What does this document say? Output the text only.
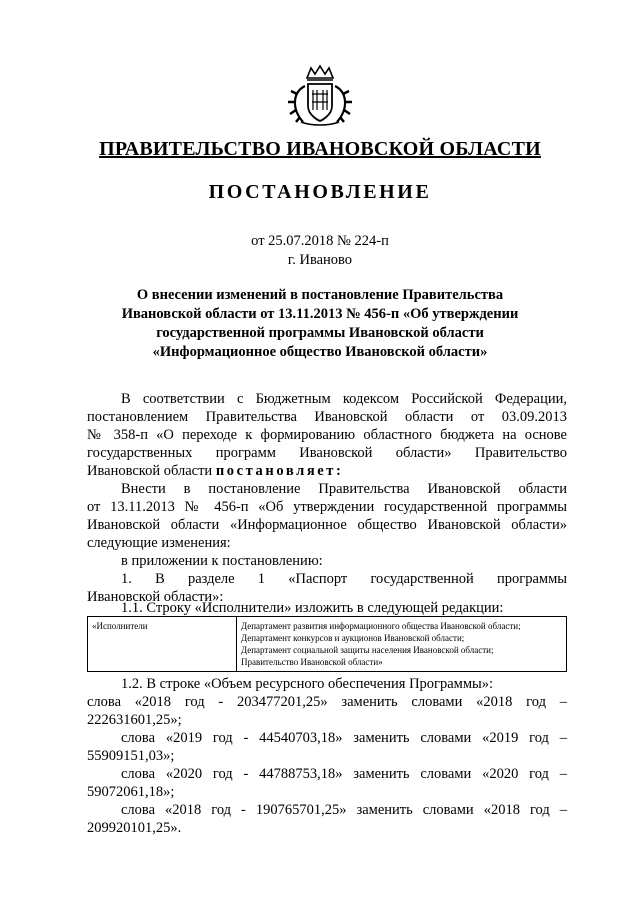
ПРАВИТЕЛЬСТВО ИВАНОВСКОЙ ОБЛАСТИ
ПОСТАНОВЛЕНИЕ
от 25.07.2018 № 224-п
г. Иваново
О внесении изменений в постановление Правительства
Ивановской области от 13.11.2013 № 456-п «Об утверждении
государственной программы Ивановской области
«Информационное общество Ивановской области»
В соответствии с Бюджетным кодексом Российской Федерации,
постановлением Правительства Ивановской области от 03.09.2013
№ 358-п «О переходе к формированию областного бюджета на основе
государственных программ Ивановской области» Правительство
Ивановской области постановляет:
Внести в постановление Правительства Ивановской области
от 13.11.2013 № 456-п «Об утверждении государственной программы
Ивановской области «Информационное общество Ивановской области»
следующие изменения:
в приложении к постановлению:
1. В разделе 1 «Паспорт государственной программы
Ивановской области»:
1.1. Строку «Исполнители» изложить в следующей редакции:
«Исполнители	Департамент развития информационного общества Ивановской области;
Департамент конкурсов и аукционов Ивановской области;
Департамент социальной защиты населения Ивановской области;
Правительство Ивановской области»
1.2. В строке «Объем ресурсного обеспечения Программы»:
слова «2018 год - 203477201,25» заменить словами «2018 год –
222631601,25»;
слова «2019 год - 44540703,18» заменить словами «2019 год –
55909151,03»;
слова «2020 год - 44788753,18» заменить словами «2020 год –
59072061,18»;
слова «2018 год - 190765701,25» заменить словами «2018 год –
209920101,25».
